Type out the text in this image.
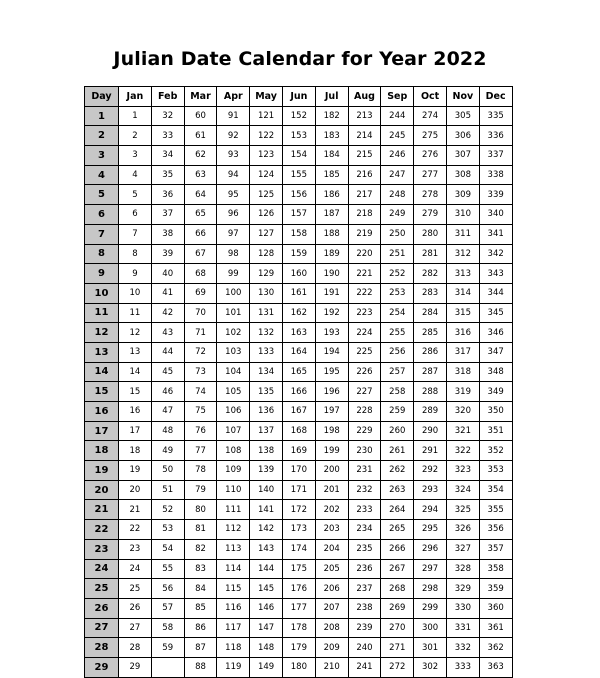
Julian Date Calendar for Year 2022
Day	Jan	Feb	Mar	Apr	May	Jun	Jul	Aug	Sep	Oct	Nov	Dec
1	1	32	60	91	121	152	182	213	244	274	305	335
2	2	33	61	92	122	153	183	214	245	275	306	336
3	3	34	62	93	123	154	184	215	246	276	307	337
4	4	35	63	94	124	155	185	216	247	277	308	338
5	5	36	64	95	125	156	186	217	248	278	309	339
6	6	37	65	96	126	157	187	218	249	279	310	340
7	7	38	66	97	127	158	188	219	250	280	311	341
8	8	39	67	98	128	159	189	220	251	281	312	342
9	9	40	68	99	129	160	190	221	252	282	313	343
10	10	41	69	100	130	161	191	222	253	283	314	344
11	11	42	70	101	131	162	192	223	254	284	315	345
12	12	43	71	102	132	163	193	224	255	285	316	346
13	13	44	72	103	133	164	194	225	256	286	317	347
14	14	45	73	104	134	165	195	226	257	287	318	348
15	15	46	74	105	135	166	196	227	258	288	319	349
16	16	47	75	106	136	167	197	228	259	289	320	350
17	17	48	76	107	137	168	198	229	260	290	321	351
18	18	49	77	108	138	169	199	230	261	291	322	352
19	19	50	78	109	139	170	200	231	262	292	323	353
20	20	51	79	110	140	171	201	232	263	293	324	354
21	21	52	80	111	141	172	202	233	264	294	325	355
22	22	53	81	112	142	173	203	234	265	295	326	356
23	23	54	82	113	143	174	204	235	266	296	327	357
24	24	55	83	114	144	175	205	236	267	297	328	358
25	25	56	84	115	145	176	206	237	268	298	329	359
26	26	57	85	116	146	177	207	238	269	299	330	360
27	27	58	86	117	147	178	208	239	270	300	331	361
28	28	59	87	118	148	179	209	240	271	301	332	362
29	29		88	119	149	180	210	241	272	302	333	363
